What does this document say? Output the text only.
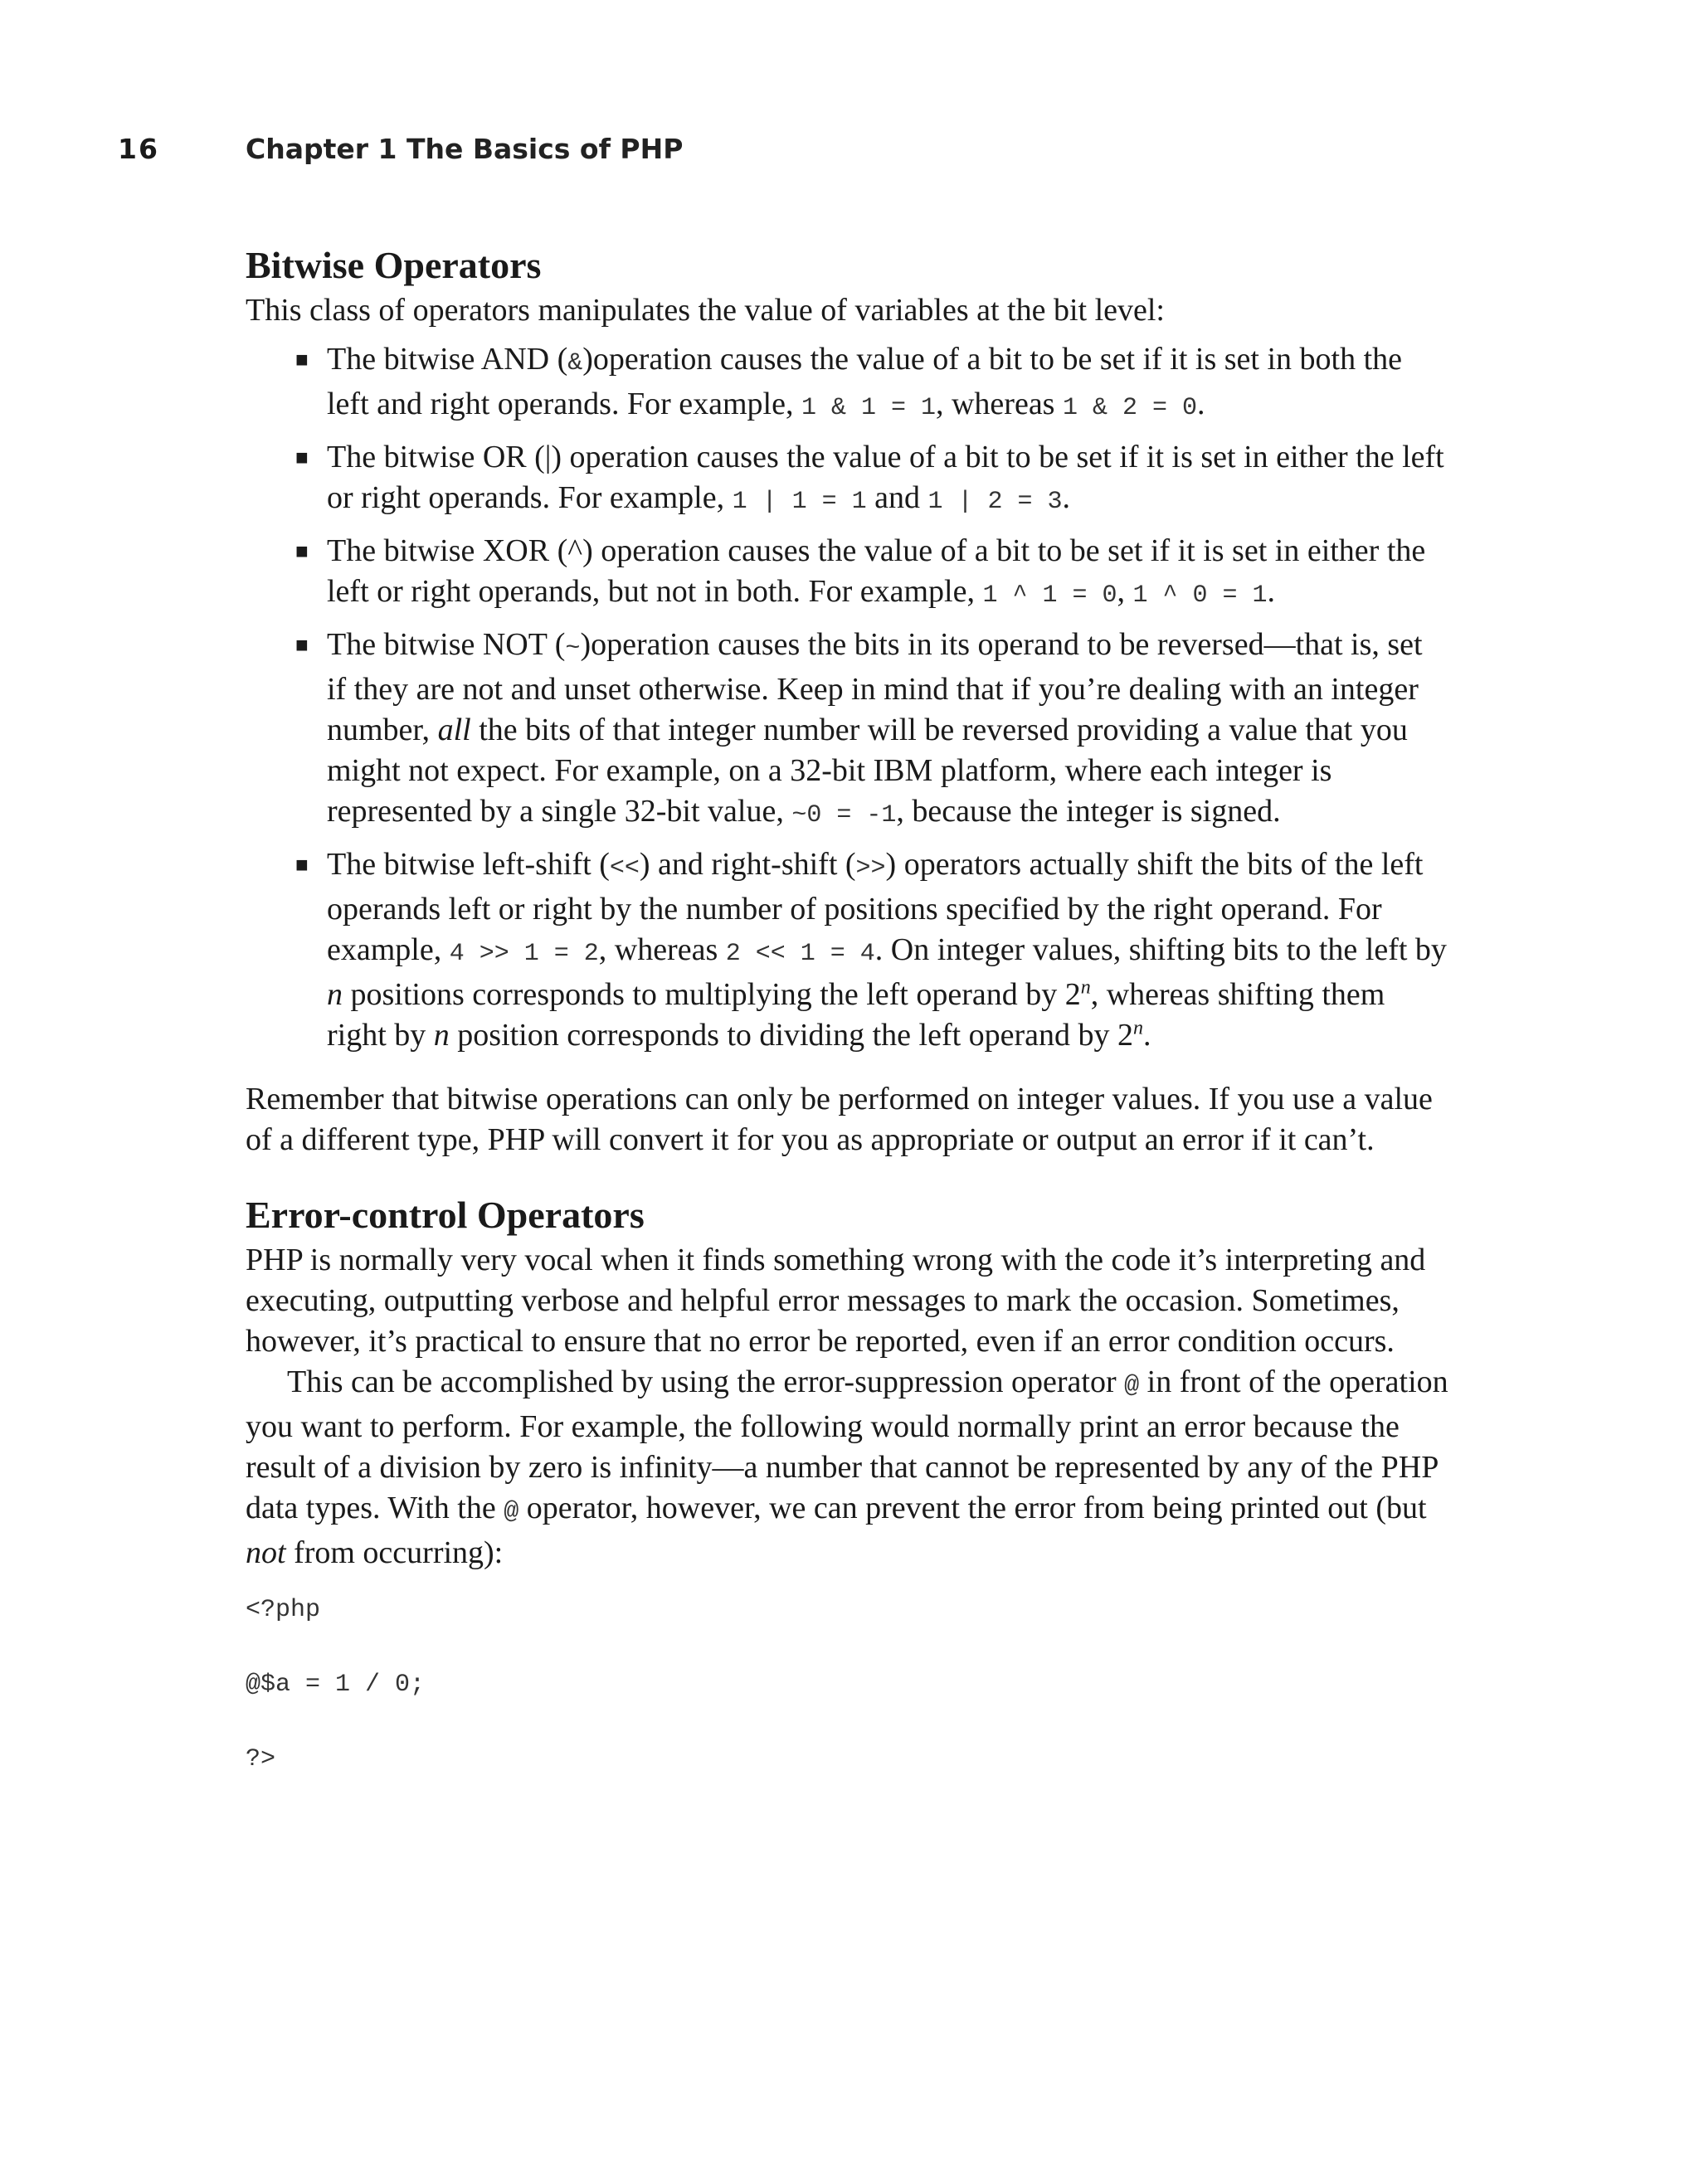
16	Chapter 1 The Basics of PHP
Bitwise Operators

This class of operators manipulates the value of variables at the bit level:

■ The bitwise AND (&)operation causes the value of a bit to be set if it is set in both the left and right operands. For example, 1 & 1 = 1, whereas 1 & 2 = 0.
■ The bitwise OR (|) operation causes the value of a bit to be set if it is set in either the left or right operands. For example, 1 | 1 = 1 and 1 | 2 = 3.
■ The bitwise XOR (^) operation causes the value of a bit to be set if it is set in either the left or right operands, but not in both. For example, 1 ^ 1 = 0, 1 ^ 0 = 1.
■ The bitwise NOT (~)operation causes the bits in its operand to be reversed—that is, set if they are not and unset otherwise. Keep in mind that if you’re dealing with an integer number, all the bits of that integer number will be reversed providing a value that you might not expect. For example, on a 32-bit IBM platform, where each integer is represented by a single 32-bit value, ~0 = -1, because the integer is signed.
■ The bitwise left-shift (<<) and right-shift (>>) operators actually shift the bits of the left operands left or right by the number of positions specified by the right operand. For example, 4 >> 1 = 2, whereas 2 << 1 = 4. On integer values, shifting bits to the left by n positions corresponds to multiplying the left operand by 2$^n$, whereas shifting them right by n position corresponds to dividing the left operand by 2$^n$.

Remember that bitwise operations can only be performed on integer values. If you use a value of a different type, PHP will convert it for you as appropriate or output an error if it can’t.

Error-control Operators

PHP is normally very vocal when it finds something wrong with the code it’s interpreting and executing, outputting verbose and helpful error messages to mark the occasion. Sometimes, however, it’s practical to ensure that no error be reported, even if an error condition occurs.

This can be accomplished by using the error-suppression operator @ in front of the operation you want to perform. For example, the following would normally print an error because the result of a division by zero is infinity—a number that cannot be represented by any of the PHP data types. With the @ operator, however, we can prevent the error from being printed out (but not from occurring):

<?php

@$a = 1 / 0;

?>
